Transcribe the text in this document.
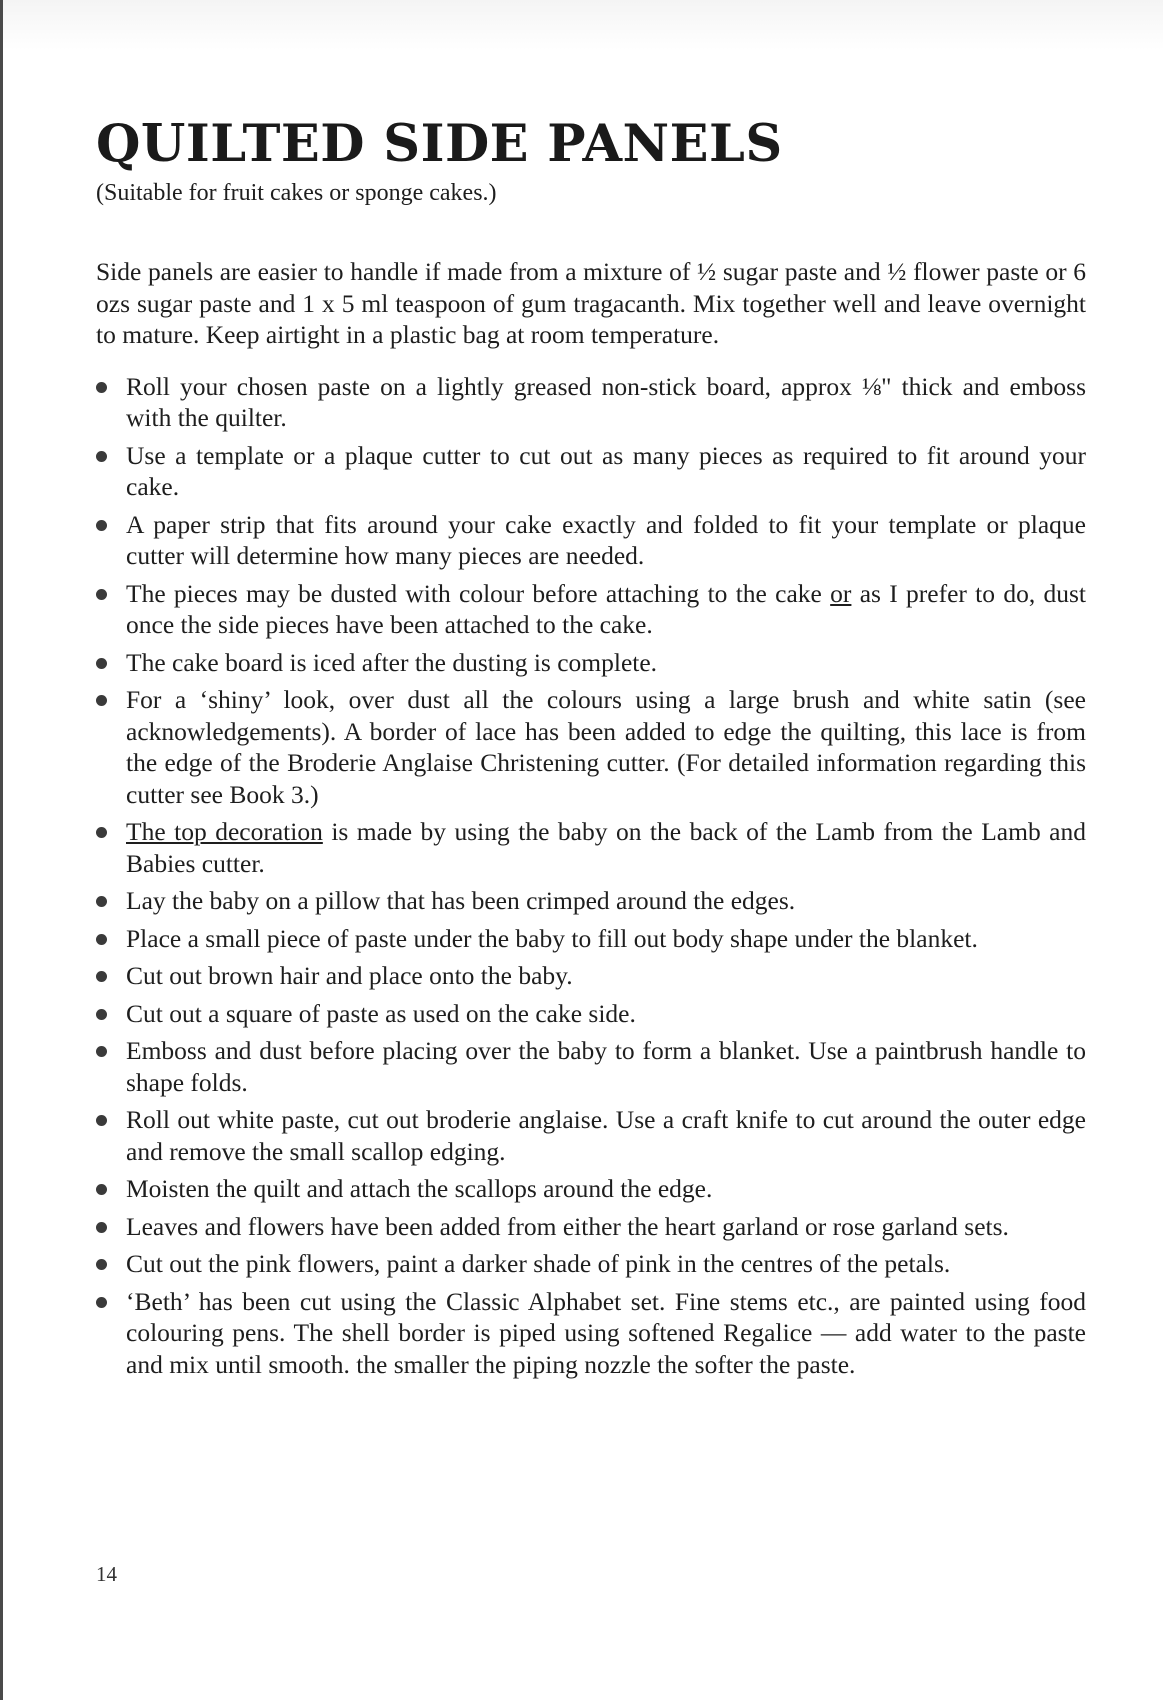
QUILTED SIDE PANELS

(Suitable for fruit cakes or sponge cakes.)

Side panels are easier to handle if made from a mixture of ½ sugar paste and ½ flower paste or 6 ozs sugar paste and 1 x 5 ml teaspoon of gum tragacanth. Mix together well and leave overnight to mature. Keep airtight in a plastic bag at room temperature.

Roll your chosen paste on a lightly greased non-stick board, approx ⅛" thick and emboss with the quilter.
Use a template or a plaque cutter to cut out as many pieces as required to fit around your cake.
A paper strip that fits around your cake exactly and folded to fit your template or plaque cutter will determine how many pieces are needed.
The pieces may be dusted with colour before attaching to the cake or as I prefer to do, dust once the side pieces have been attached to the cake.
The cake board is iced after the dusting is complete.
For a ‘shiny’ look, over dust all the colours using a large brush and white satin (see acknowledgements). A border of lace has been added to edge the quilting, this lace is from the edge of the Broderie Anglaise Christening cutter. (For detailed information regarding this cutter see Book 3.)
The top decoration is made by using the baby on the back of the Lamb from the Lamb and Babies cutter.
Lay the baby on a pillow that has been crimped around the edges.
Place a small piece of paste under the baby to fill out body shape under the blanket.
Cut out brown hair and place onto the baby.
Cut out a square of paste as used on the cake side.
Emboss and dust before placing over the baby to form a blanket. Use a paintbrush handle to shape folds.
Roll out white paste, cut out broderie anglaise. Use a craft knife to cut around the outer edge and remove the small scallop edging.
Moisten the quilt and attach the scallops around the edge.
Leaves and flowers have been added from either the heart garland or rose garland sets.
Cut out the pink flowers, paint a darker shade of pink in the centres of the petals.
‘Beth’ has been cut using the Classic Alphabet set. Fine stems etc., are painted using food colouring pens. The shell border is piped using softened Regalice — add water to the paste and mix until smooth. the smaller the piping nozzle the softer the paste.
14
